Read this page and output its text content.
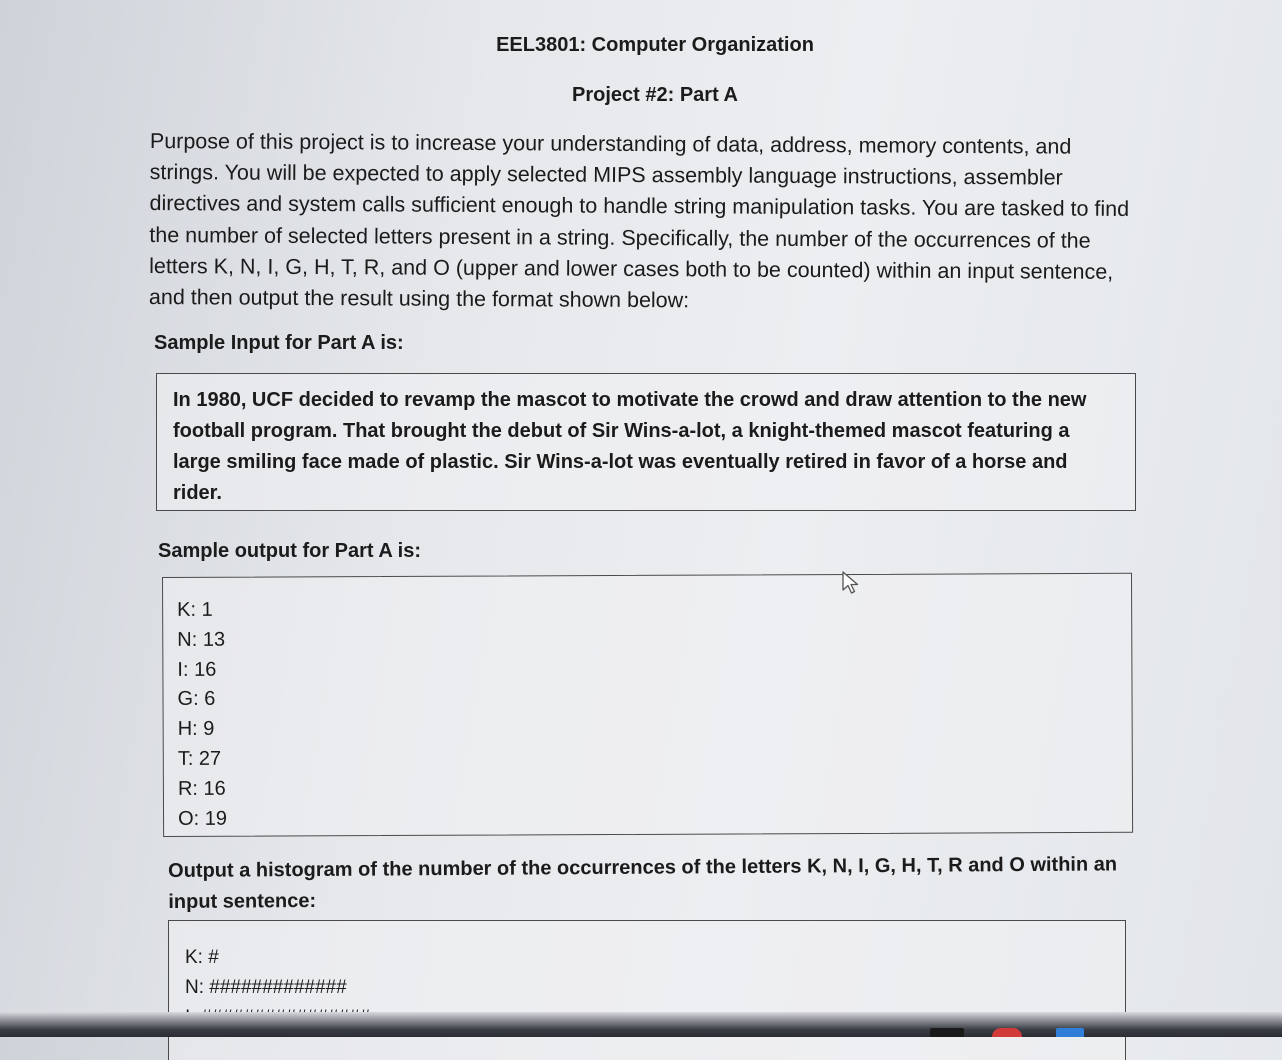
EEL3801: Computer Organization
Project #2: Part A
Purpose of this project is to increase your understanding of data, address, memory contents, and
strings. You will be expected to apply selected MIPS assembly language instructions, assembler
directives and system calls sufficient enough to handle string manipulation tasks. You are tasked to find
the number of selected letters present in a string. Specifically, the number of the occurrences of the
letters K, N, I, G, H, T, R, and O (upper and lower cases both to be counted) within an input sentence,
and then output the result using the format shown below:

Sample Input for Part A is:

In 1980, UCF decided to revamp the mascot to motivate the crowd and draw attention to the new

football program. That brought the debut of Sir Wins-a-lot, a knight-themed mascot featuring a

large smiling face made of plastic. Sir Wins-a-lot was eventually retired in favor of a horse and

rider.

Sample output for Part A is:

K: 1

N: 13

I: 16

G: 6

H: 9

T: 27

R: 16

O: 19

Output a histogram of the number of the occurrences of the letters K, N, I, G, H, T, R and O within an
input sentence:

K: #

N: #############
